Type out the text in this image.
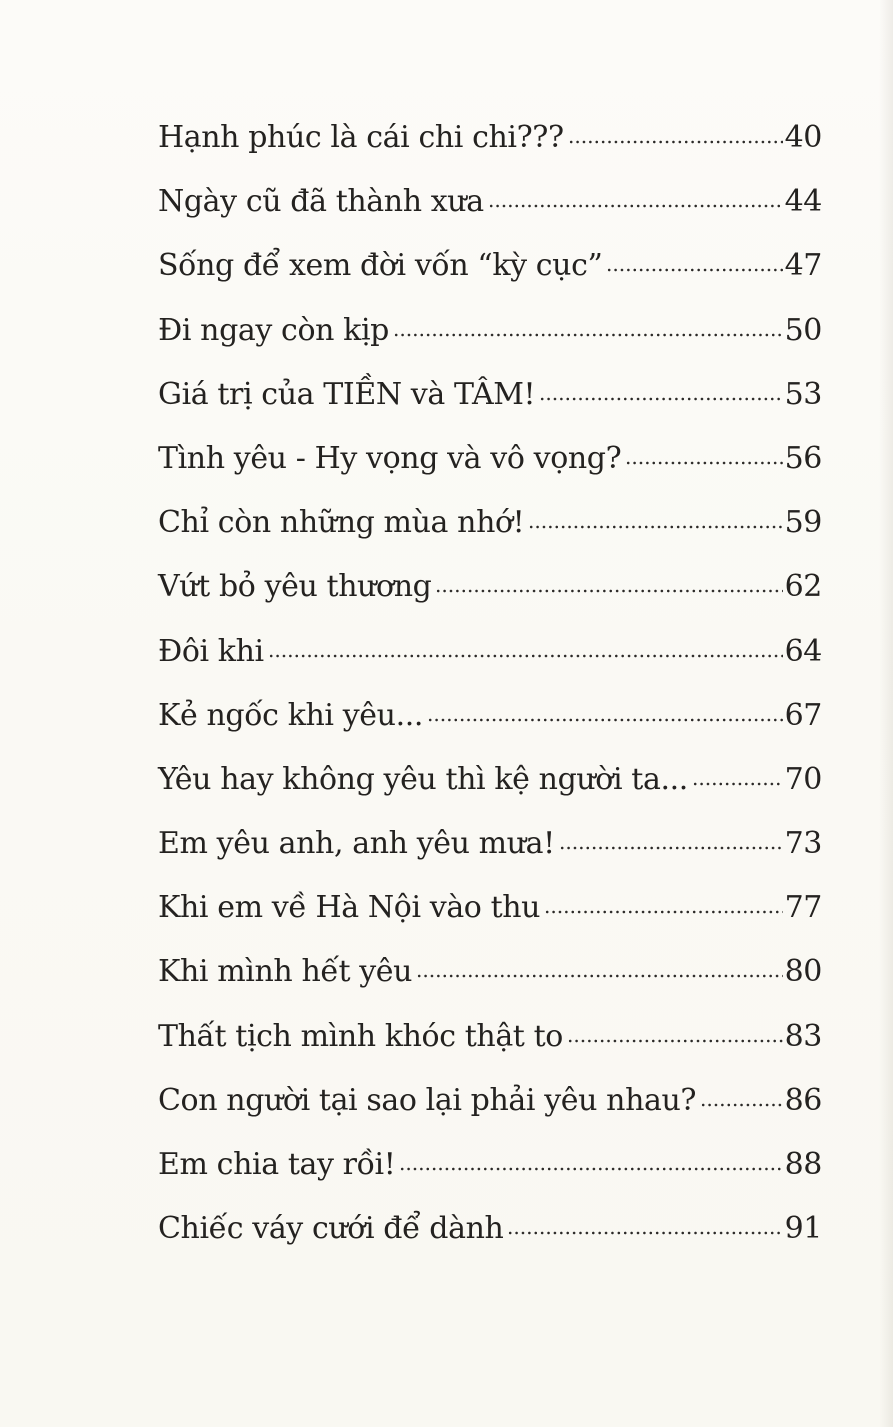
Hạnh phúc là cái chi chi???	40
Ngày cũ đã thành xưa	44
Sống để xem đời vốn “kỳ cục”	47
Đi ngay còn kịp	50
Giá trị của TIỀN và TÂM!	53
Tình yêu - Hy vọng và vô vọng?	56
Chỉ còn những mùa nhớ!	59
Vứt bỏ yêu thương	62
Đôi khi	64
Kẻ ngốc khi yêu...	67
Yêu hay không yêu thì kệ người ta...	70
Em yêu anh, anh yêu mưa!	73
Khi em về Hà Nội vào thu	77
Khi mình hết yêu	80
Thất tịch mình khóc thật to	83
Con người tại sao lại phải yêu nhau?	86
Em chia tay rồi!	88
Chiếc váy cưới để dành	91
